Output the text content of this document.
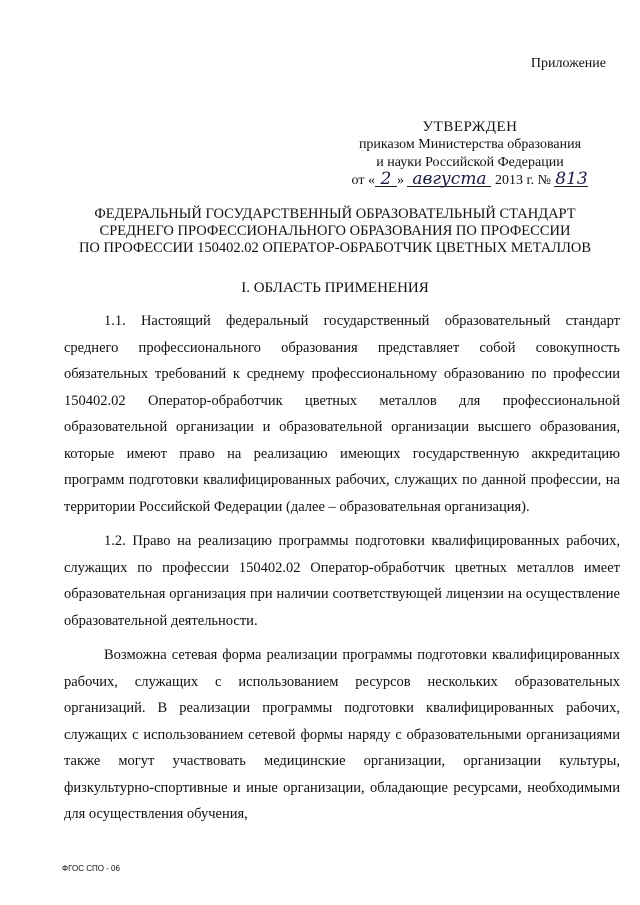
Приложение
УТВЕРЖДЕН
приказом Министерства образования
и науки Российской Федерации
от « 2 » августа 2013 г. № 813
ФЕДЕРАЛЬНЫЙ ГОСУДАРСТВЕННЫЙ ОБРАЗОВАТЕЛЬНЫЙ СТАНДАРТ
СРЕДНЕГО ПРОФЕССИОНАЛЬНОГО ОБРАЗОВАНИЯ ПО ПРОФЕССИИ
ПО ПРОФЕССИИ 150402.02 ОПЕРАТОР-ОБРАБОТЧИК ЦВЕТНЫХ МЕТАЛЛОВ
I. ОБЛАСТЬ ПРИМЕНЕНИЯ

1.1. Настоящий федеральный государственный образовательный стандарт среднего профессионального образования представляет собой совокупность обязательных требований к среднему профессиональному образованию по профессии 150402.02 Оператор-обработчик цветных металлов для профессиональной образовательной организации и образовательной организации высшего образования, которые имеют право на реализацию имеющих государственную аккредитацию программ подготовки квалифицированных рабочих, служащих по данной профессии, на территории Российской Федерации (далее – образовательная организация).

1.2. Право на реализацию программы подготовки квалифицированных рабочих, служащих по профессии 150402.02 Оператор-обработчик цветных металлов имеет образовательная организация при наличии соответствующей лицензии на осуществление образовательной деятельности.

Возможна сетевая форма реализации программы подготовки квалифицированных рабочих, служащих с использованием ресурсов нескольких образовательных организаций. В реализации программы подготовки квалифицированных рабочих, служащих с использованием сетевой формы наряду с образовательными организациями также могут участвовать медицинские организации, организации культуры, физкультурно-спортивные и иные организации, обладающие ресурсами, необходимыми для осуществления обучения,

ФГОС СПО - 06
